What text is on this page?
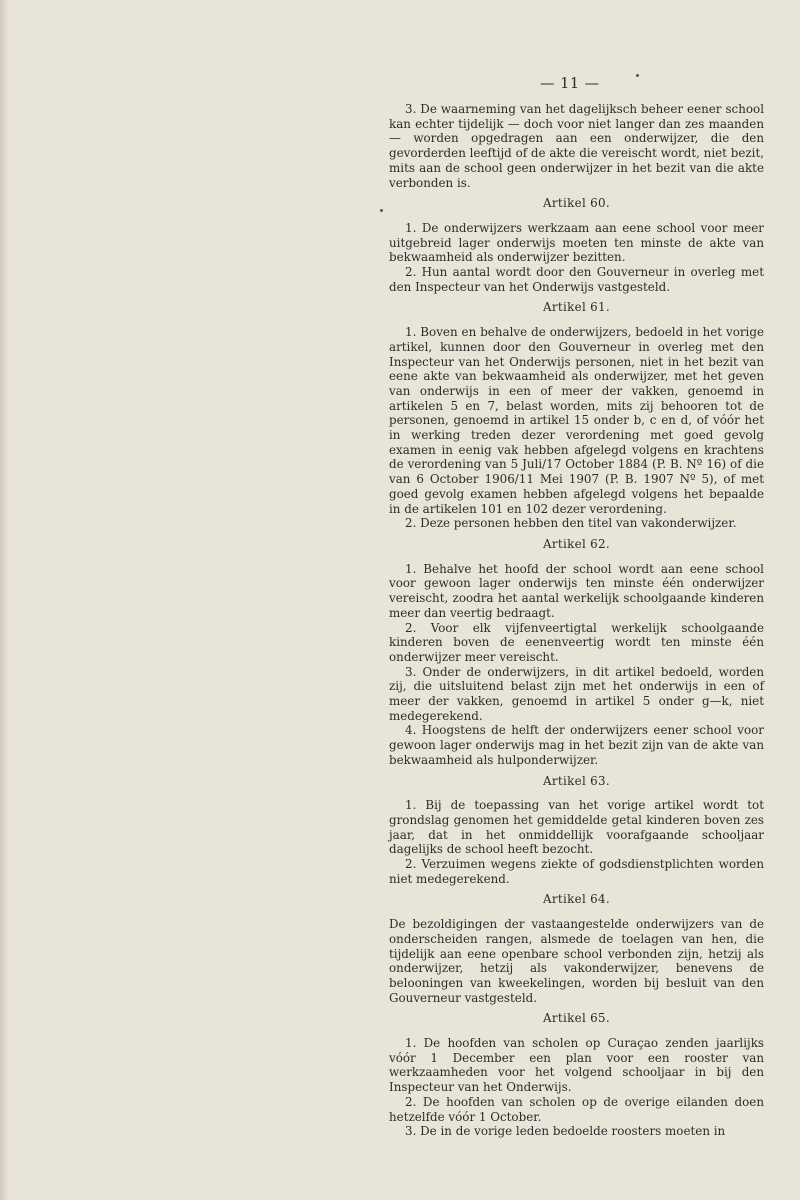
— 11 —
3. De waarneming van het dagelijksch beheer eener school kan echter tijdelijk — doch voor niet langer dan zes maanden — worden opgedragen aan een onderwijzer, die den gevorderden leeftijd of de akte die vereischt wordt, niet bezit, mits aan de school geen onderwijzer in het bezit van die akte verbonden is.
Artikel 60.
1. De onderwijzers werkzaam aan eene school voor meer uitgebreid lager onderwijs moeten ten minste de akte van bekwaamheid als onderwijzer bezitten.
2. Hun aantal wordt door den Gouverneur in overleg met den Inspecteur van het Onderwijs vastgesteld.
Artikel 61.
1. Boven en behalve de onderwijzers, bedoeld in het vorige artikel, kunnen door den Gouverneur in overleg met den Inspecteur van het Onderwijs personen, niet in het bezit van eene akte van bekwaamheid als onderwijzer, met het geven van onderwijs in een of meer der vakken, genoemd in artikelen 5 en 7, belast worden, mits zij behooren tot de personen, genoemd in artikel 15 onder b, c en d, of vóór het in werking treden dezer verordening met goed gevolg examen in eenig vak hebben afgelegd volgens en krachtens de verordening van 5 Juli/17 October 1884 (P. B. Nº 16) of die van 6 October 1906/11 Mei 1907 (P. B. 1907 Nº 5), of met goed gevolg examen hebben afgelegd volgens het bepaalde in de artikelen 101 en 102 dezer verordening.
2. Deze personen hebben den titel van vakonderwijzer.
Artikel 62.
1. Behalve het hoofd der school wordt aan eene school voor gewoon lager onderwijs ten minste één onderwijzer vereischt, zoodra het aantal werkelijk schoolgaande kinderen meer dan veertig bedraagt.
2. Voor elk vijfenveertigtal werkelijk schoolgaande kinderen boven de eenenveertig wordt ten minste één onderwijzer meer vereischt.
3. Onder de onderwijzers, in dit artikel bedoeld, worden zij, die uitsluitend belast zijn met het onderwijs in een of meer der vakken, genoemd in artikel 5 onder g—k, niet medegerekend.
4. Hoogstens de helft der onderwijzers eener school voor gewoon lager onderwijs mag in het bezit zijn van de akte van bekwaamheid als hulponderwijzer.
Artikel 63.
1. Bij de toepassing van het vorige artikel wordt tot grondslag genomen het gemiddelde getal kinderen boven zes jaar, dat in het onmiddellijk voorafgaande schooljaar dagelijks de school heeft bezocht.
2. Verzuimen wegens ziekte of godsdienstplichten worden niet medegerekend.
Artikel 64.
De bezoldigingen der vastaangestelde onderwijzers van de onderscheiden rangen, alsmede de toelagen van hen, die tijdelijk aan eene openbare school verbonden zijn, hetzij als onderwijzer, hetzij als vakonderwijzer, benevens de belooningen van kweekelingen, worden bij besluit van den Gouverneur vastgesteld.
Artikel 65.
1. De hoofden van scholen op Curaçao zenden jaarlijks vóór 1 December een plan voor een rooster van werkzaamheden voor het volgend schooljaar in bij den Inspecteur van het Onderwijs.
2. De hoofden van scholen op de overige eilanden doen hetzelfde vóór 1 October.
3. De in de vorige leden bedoelde roosters moeten in
